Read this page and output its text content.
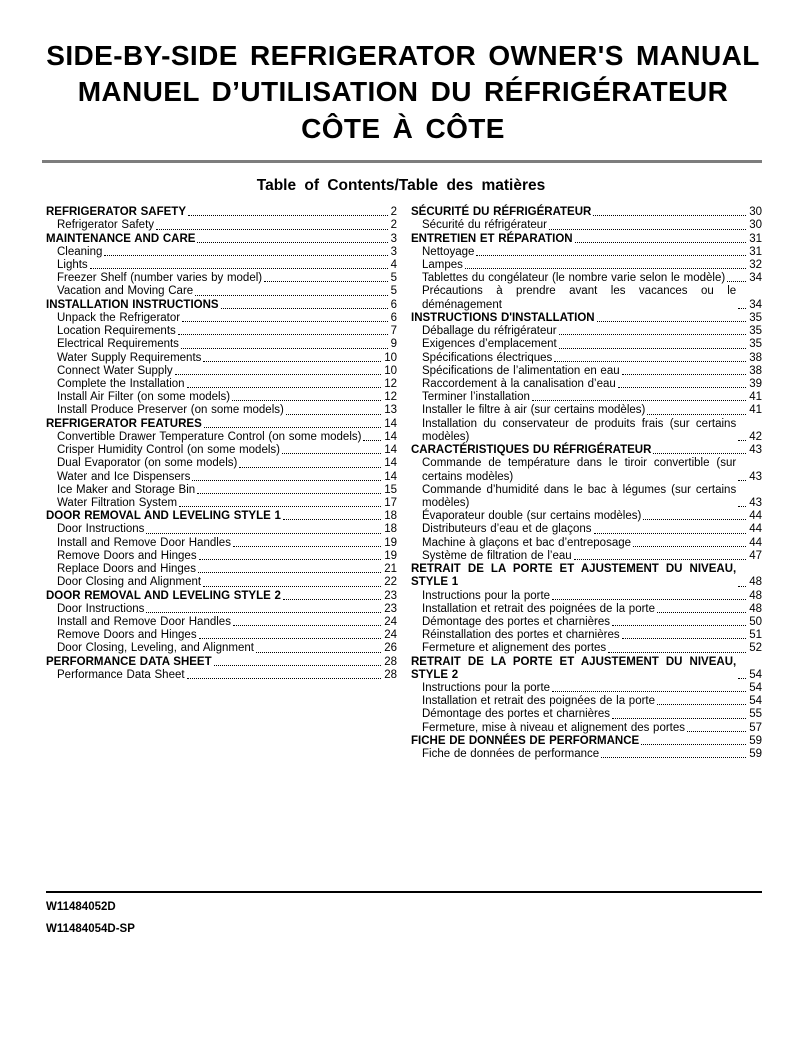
SIDE-BY-SIDE REFRIGERATOR OWNER'S MANUAL
MANUEL D’UTILISATION DU RÉFRIGÉRATEUR CÔTE À CÔTE
Table of Contents/Table des matières
REFRIGERATOR SAFETY	2
Refrigerator Safety	2
MAINTENANCE AND CARE	3
Cleaning	3
Lights	4
Freezer Shelf (number varies by model)	5
Vacation and Moving Care	5
INSTALLATION INSTRUCTIONS	6
Unpack the Refrigerator	6
Location Requirements	7
Electrical Requirements	9
Water Supply Requirements	10
Connect Water Supply	10
Complete the Installation	12
Install Air Filter (on some models)	12
Install Produce Preserver (on some models)	13
REFRIGERATOR FEATURES	14
Convertible Drawer Temperature Control (on some models) 14
Crisper Humidity Control (on some models)	14
Dual Evaporator (on some models)	14
Water and Ice Dispensers	14
Ice Maker and Storage Bin	15
Water Filtration System	17
DOOR REMOVAL AND LEVELING STYLE 1	18
Door Instructions	18
Install and Remove Door Handles	19
Remove Doors and Hinges	19
Replace Doors and Hinges	21
Door Closing and Alignment	22
DOOR REMOVAL AND LEVELING STYLE 2	23
Door Instructions	23
Install and Remove Door Handles	24
Remove Doors and Hinges	24
Door Closing, Leveling, and Alignment	26
PERFORMANCE DATA SHEET	28
Performance Data Sheet	28
SÉCURITÉ DU RÉFRIGÉRATEUR	30
Sécurité du réfrigérateur	30
ENTRETIEN ET RÉPARATION	31
Nettoyage	31
Lampes	32
Tablettes du congélateur (le nombre varie selon le modèle) 34
Précautions à prendre avant les vacances ou le déménagement	34
INSTRUCTIONS D'INSTALLATION	35
Déballage du réfrigérateur	35
Exigences d’emplacement	35
Spécifications électriques	38
Spécifications de l’alimentation en eau	38
Raccordement à la canalisation d’eau	39
Terminer l’installation	41
Installer le filtre à air (sur certains modèles)	41
Installation du conservateur de produits frais (sur certains modèles)	42
CARACTÉRISTIQUES DU RÉFRIGÉRATEUR	43
Commande de température dans le tiroir convertible (sur certains modèles)	43
Commande d’humidité dans le bac à légumes (sur certains modèles)	43
Évaporateur double (sur certains modèles)	44
Distributeurs d’eau et de glaçons	44
Machine à glaçons et bac d’entreposage	44
Système de filtration de l’eau	47
RETRAIT DE LA PORTE ET AJUSTEMENT DU NIVEAU, STYLE 1	48
Instructions pour la porte	48
Installation et retrait des poignées de la porte	48
Démontage des portes et charnières	50
Réinstallation des portes et charnières	51
Fermeture et alignement des portes	52
RETRAIT DE LA PORTE ET AJUSTEMENT DU NIVEAU, STYLE 2	54
Instructions pour la porte	54
Installation et retrait des poignées de la porte	54
Démontage des portes et charnières	55
Fermeture, mise à niveau et alignement des portes	57
FICHE DE DONNÉES DE PERFORMANCE	59
Fiche de données de performance	59
W11484052D
W11484054D-SP
